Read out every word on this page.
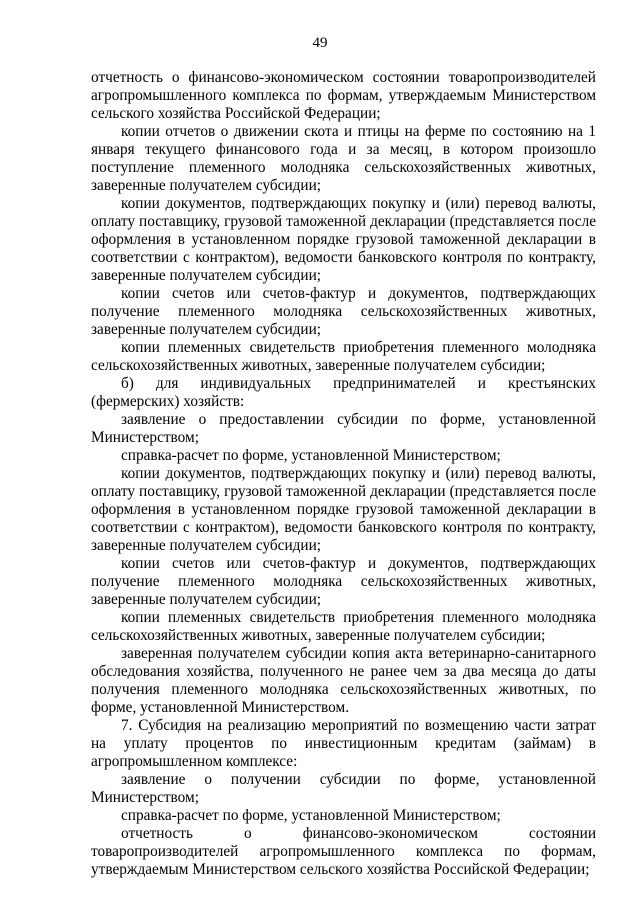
49

отчетность о финансово-экономическом состоянии товаропроизводителей агропромышленного комплекса по формам, утверждаемым Министерством сельского хозяйства Российской Федерации;

копии отчетов о движении скота и птицы на ферме по состоянию на 1 января текущего финансового года и за месяц, в котором произошло поступление племенного молодняка сельскохозяйственных животных, заверенные получателем субсидии;

копии документов, подтверждающих покупку и (или) перевод валюты, оплату поставщику, грузовой таможенной декларации (представляется после оформления в установленном порядке грузовой таможенной декларации в соответствии с контрактом), ведомости банковского контроля по контракту, заверенные получателем субсидии;

копии счетов или счетов-фактур и документов, подтверждающих получение племенного молодняка сельскохозяйственных животных, заверенные получателем субсидии;

копии племенных свидетельств приобретения племенного молодняка сельскохозяйственных животных, заверенные получателем субсидии;

б) для индивидуальных предпринимателей и крестьянских (фермерских) хозяйств:

заявление о предоставлении субсидии по форме, установленной Министерством;

справка-расчет по форме, установленной Министерством;

копии документов, подтверждающих покупку и (или) перевод валюты, оплату поставщику, грузовой таможенной декларации (представляется после оформления в установленном порядке грузовой таможенной декларации в соответствии с контрактом), ведомости банковского контроля по контракту, заверенные получателем субсидии;

копии счетов или счетов-фактур и документов, подтверждающих получение племенного молодняка сельскохозяйственных животных, заверенные получателем субсидии;

копии племенных свидетельств приобретения племенного молодняка сельскохозяйственных животных, заверенные получателем субсидии;

заверенная получателем субсидии копия акта ветеринарно-санитарного обследования хозяйства, полученного не ранее чем за два месяца до даты получения племенного молодняка сельскохозяйственных животных, по форме, установленной Министерством.

7. Субсидия на реализацию мероприятий по возмещению части затрат на уплату процентов по инвестиционным кредитам (займам) в агропромышленном комплексе:

заявление о получении субсидии по форме, установленной Министерством;

справка-расчет по форме, установленной Министерством;

отчетность о финансово-экономическом состоянии товаропроизводителей агропромышленного комплекса по формам, утверждаемым Министерством сельского хозяйства Российской Федерации;
